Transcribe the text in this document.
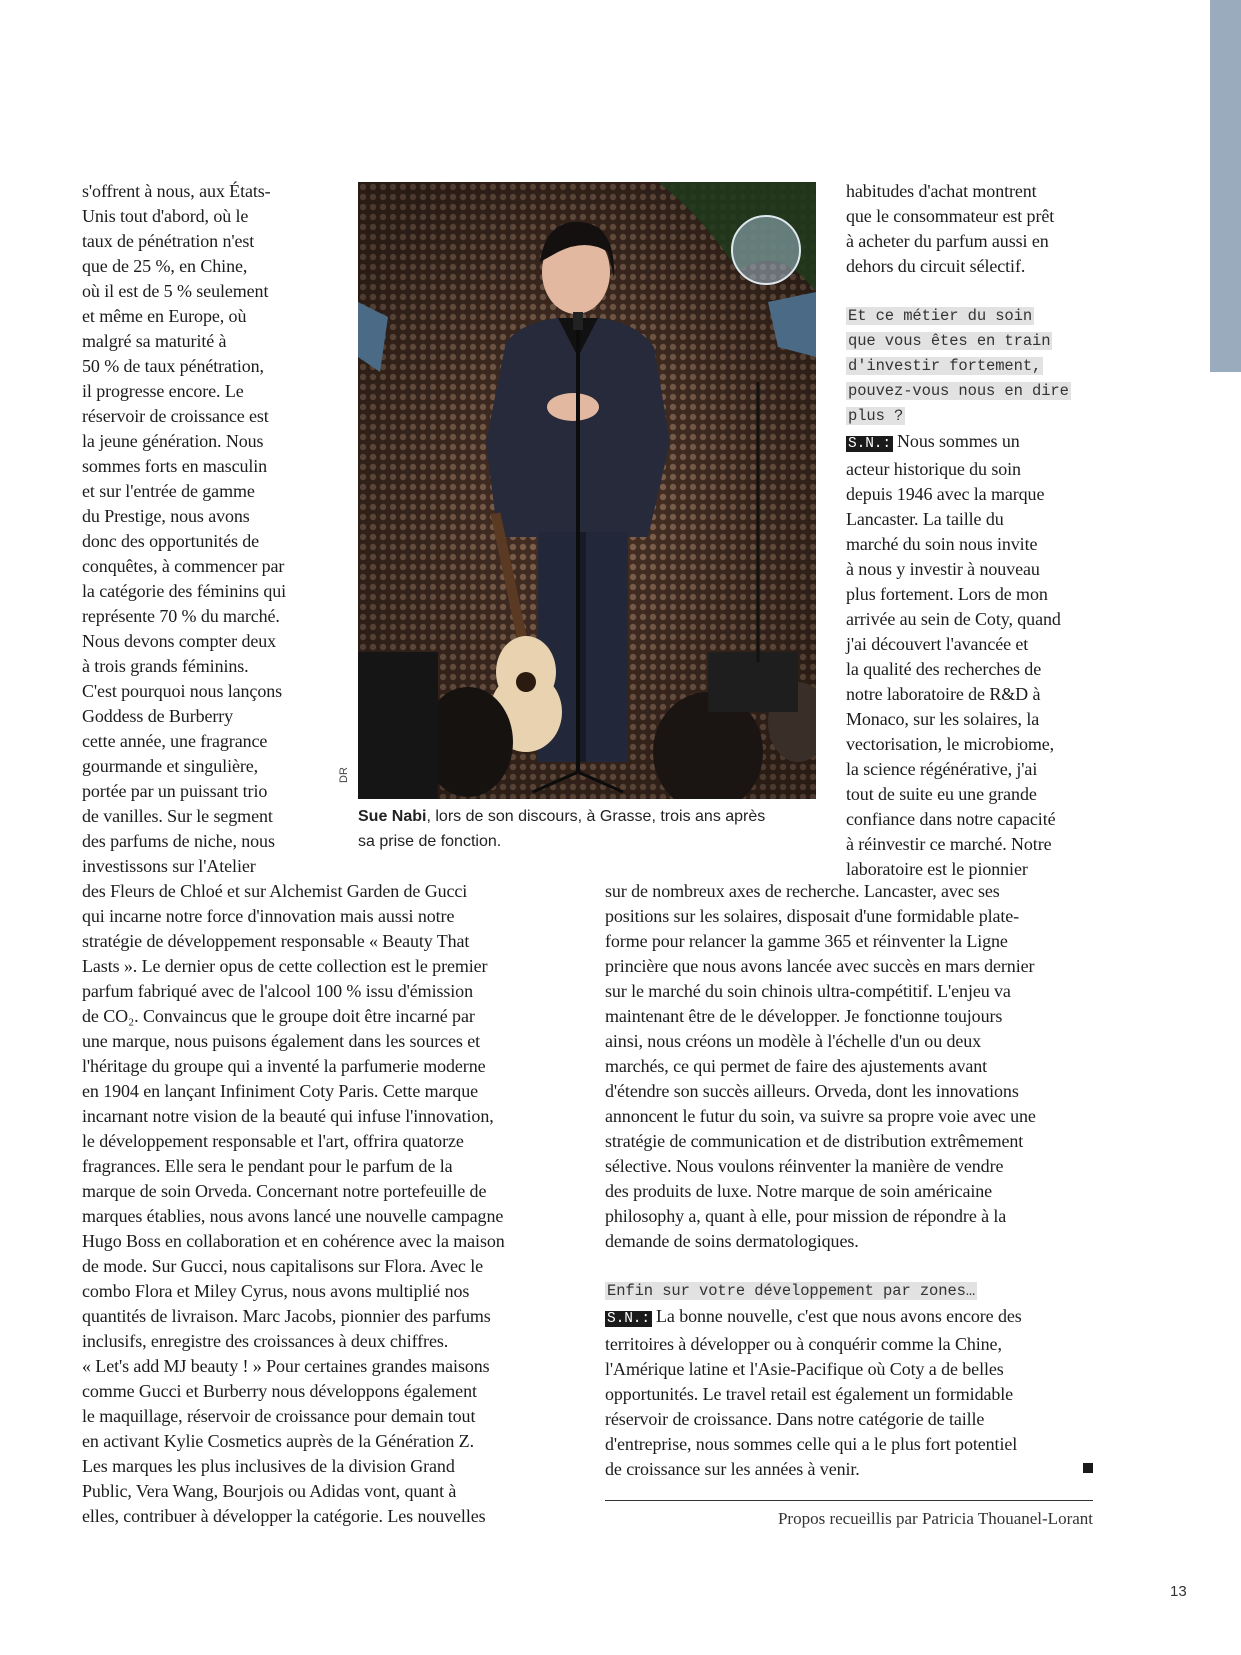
s'offrent à nous, aux États-
Unis tout d'abord, où le
taux de pénétration n'est
que de 25 %, en Chine,
où il est de 5 % seulement
et même en Europe, où
malgré sa maturité à
50 % de taux pénétration,
il progresse encore. Le
réservoir de croissance est
la jeune génération. Nous
sommes forts en masculin
et sur l'entrée de gamme
du Prestige, nous avons
donc des opportunités de
conquêtes, à commencer par
la catégorie des féminins qui
représente 70 % du marché.
Nous devons compter deux
à trois grands féminins.
C'est pourquoi nous lançons
Goddess de Burberry
cette année, une fragrance
gourmande et singulière,
portée par un puissant trio
de vanilles. Sur le segment
des parfums de niche, nous
investissons sur l'Atelier
DR
Sue Nabi, lors de son discours, à Grasse, trois ans après
sa prise de fonction.
habitudes d'achat montrent
que le consommateur est prêt
à acheter du parfum aussi en
dehors du circuit sélectif.
Et ce métier du soin
que vous êtes en train
d'investir fortement,
pouvez-vous nous en dire
plus ?
S.N.: Nous sommes un
acteur historique du soin
depuis 1946 avec la marque
Lancaster. La taille du
marché du soin nous invite
à nous y investir à nouveau
plus fortement. Lors de mon
arrivée au sein de Coty, quand
j'ai découvert l'avancée et
la qualité des recherches de
notre laboratoire de R&D à
Monaco, sur les solaires, la
vectorisation, le microbiome,
la science régénérative, j'ai
tout de suite eu une grande
confiance dans notre capacité
à réinvestir ce marché. Notre
laboratoire est le pionnier
des Fleurs de Chloé et sur Alchemist Garden de Gucci
qui incarne notre force d'innovation mais aussi notre
stratégie de développement responsable « Beauty That
Lasts ». Le dernier opus de cette collection est le premier
parfum fabriqué avec de l'alcool 100 % issu d'émission
de CO₂. Convaincus que le groupe doit être incarné par
une marque, nous puisons également dans les sources et
l'héritage du groupe qui a inventé la parfumerie moderne
en 1904 en lançant Infiniment Coty Paris. Cette marque
incarnant notre vision de la beauté qui infuse l'innovation,
le développement responsable et l'art, offrira quatorze
fragrances. Elle sera le pendant pour le parfum de la
marque de soin Orveda. Concernant notre portefeuille de
marques établies, nous avons lancé une nouvelle campagne
Hugo Boss en collaboration et en cohérence avec la maison
de mode. Sur Gucci, nous capitalisons sur Flora. Avec le
combo Flora et Miley Cyrus, nous avons multiplié nos
quantités de livraison. Marc Jacobs, pionnier des parfums
inclusifs, enregistre des croissances à deux chiffres.
« Let's add MJ beauty ! » Pour certaines grandes maisons
comme Gucci et Burberry nous développons également
le maquillage, réservoir de croissance pour demain tout
en activant Kylie Cosmetics auprès de la Génération Z.
Les marques les plus inclusives de la division Grand
Public, Vera Wang, Bourjois ou Adidas vont, quant à
elles, contribuer à développer la catégorie. Les nouvelles
sur de nombreux axes de recherche. Lancaster, avec ses
positions sur les solaires, disposait d'une formidable plate-
forme pour relancer la gamme 365 et réinventer la Ligne
princière que nous avons lancée avec succès en mars dernier
sur le marché du soin chinois ultra-compétitif. L'enjeu va
maintenant être de le développer. Je fonctionne toujours
ainsi, nous créons un modèle à l'échelle d'un ou deux
marchés, ce qui permet de faire des ajustements avant
d'étendre son succès ailleurs. Orveda, dont les innovations
annoncent le futur du soin, va suivre sa propre voie avec une
stratégie de communication et de distribution extrêmement
sélective. Nous voulons réinventer la manière de vendre
des produits de luxe. Notre marque de soin américaine
philosophy a, quant à elle, pour mission de répondre à la
demande de soins dermatologiques.
Enfin sur votre développement par zones…
S.N.: La bonne nouvelle, c'est que nous avons encore des
territoires à développer ou à conquérir comme la Chine,
l'Amérique latine et l'Asie-Pacifique où Coty a de belles
opportunités. Le travel retail est également un formidable
réservoir de croissance. Dans notre catégorie de taille
d'entreprise, nous sommes celle qui a le plus fort potentiel
de croissance sur les années à venir.
Propos recueillis par Patricia Thouanel-Lorant
13
